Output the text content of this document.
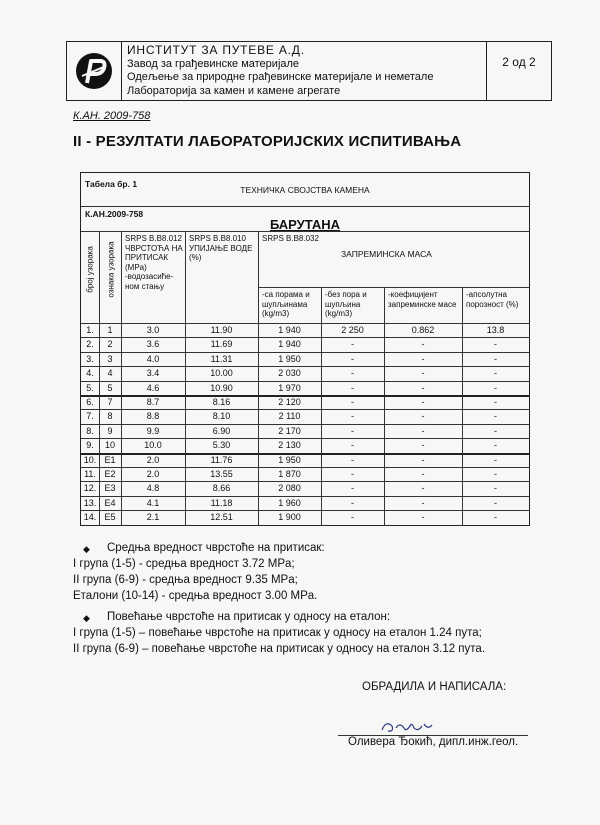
ИНСТИТУТ ЗА ПУТЕВЕ А.Д.
Завод за грађевинске материјале
Одељење за природне грађевинске материјале и неметале
Лабораторија за камен и камене агрегате
2 од 2
К.АН. 2009-758
II - РЕЗУЛТАТИ ЛАБОРАТОРИЈСКИХ ИСПИТИВАЊА
Табела бр. 1
ТЕХНИЧКА СВОЈСТВА КАМЕНА
К.АН.2009-758
БАРУТАНА
број узорака ознака узорака
SRPS B.B8.012 ЧВРСТОЋА НА ПРИТИСАК (MPa) -водозасиће-ном стању
SRPS B.B8.010 УПИЈАЊЕ ВОДЕ (%)
SRPS B.B8.032
ЗАПРЕМИНСКА МАСА
-са порама и шупљинама (kg/m3)
-без пора и шупљина (kg/m3)
-коефицијент запреминске масе
-апсолутна порозност (%)
1.	1	3.0	11.90	1 940	2 250	0.862	13.8
2.	2	3.6	11.69	1 940	-	-	-
3.	3	4.0	11.31	1 950	-	-	-
4.	4	3.4	10.00	2 030	-	-	-
5.	5	4.6	10.90	1 970	-	-	-
6.	7	8.7	8.16	2 120	-	-	-
7.	8	8.8	8.10	2 110	-	-	-
8.	9	9.9	6.90	2 170	-	-	-
9.	10	10.0	5.30	2 130	-	-	-
10. E1	2.0	11.76	1 950	-	-	-
11. E2	2.0	13.55	1 870	-	-	-
12. E3	4.8	8.66	2 080	-	-	-
13. E4	4.1	11.18	1 960	-	-	-
14. E5	2.1	12.51	1 900	-	-	-
◆ Средња вредност чврстоће на притисак:
I група (1-5) - средња вредност 3.72 MPa;
II група (6-9) - средња вредност 9.35 MPa;
Еталони (10-14) - средња вредност 3.00 MPa.
◆ Повећање чврстоће на притисак у односу на еталон:
I група (1-5) – повећање чврстоће на притисак у односу на еталон 1.24 пута;
II група (6-9) – повећање чврстоће на притисак у односу на еталон 3.12 пута.
ОБРАДИЛА И НАПИСАЛА:
Оливера Ђокић, дипл.инж.геол.
